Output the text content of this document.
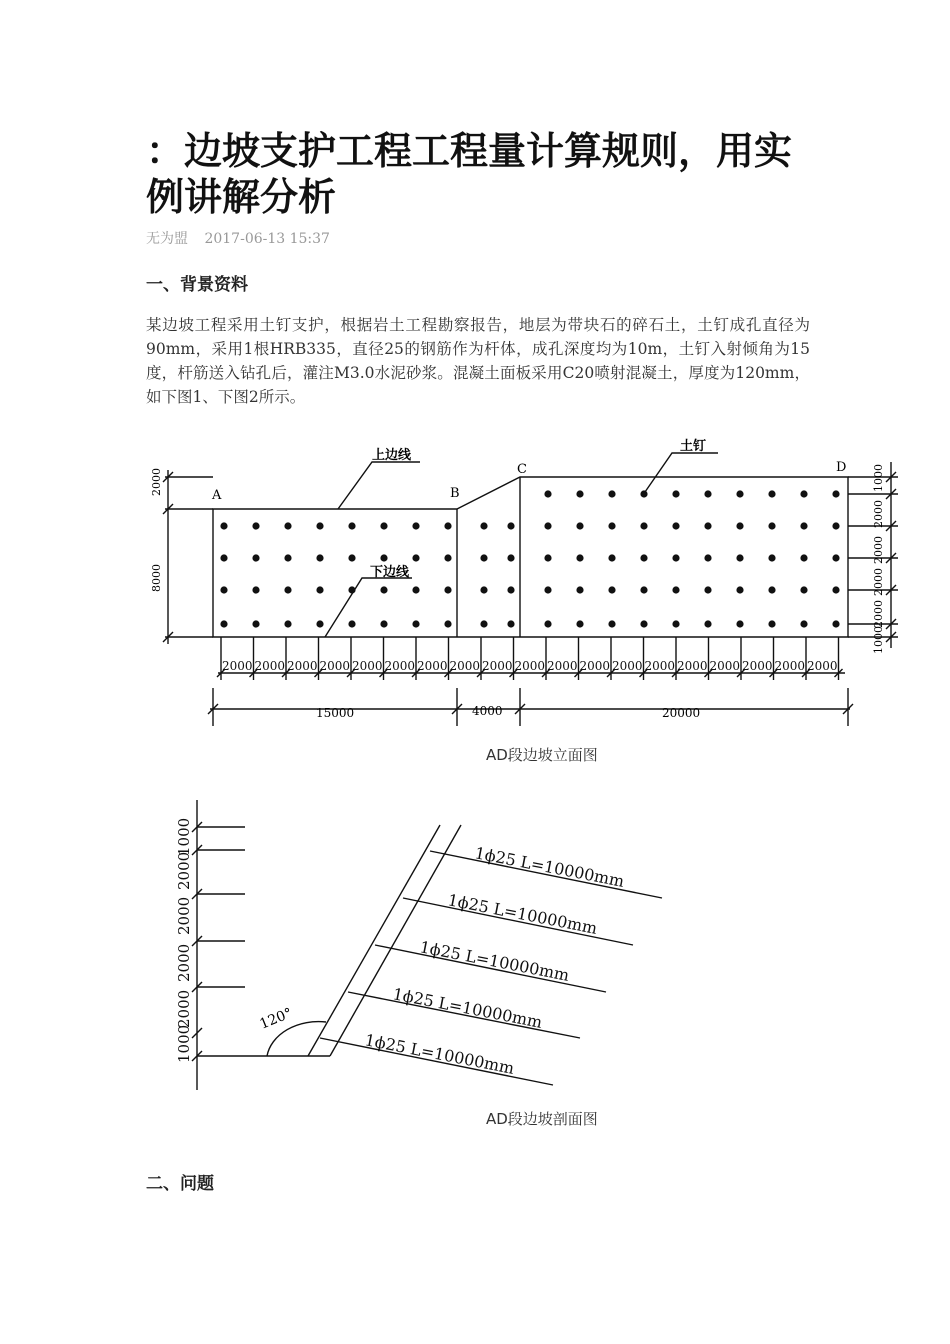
：边坡支护工程工程量计算规则，用实例讲解分析
无为盟 2017-06-13 15:37
一、背景资料

某边坡工程采用土钉支护，根据岩土工程勘察报告，地层为带块石的碎石土，土钉成孔直径为90mm，采用1根HRB335，直径25的钢筋作为杆体，成孔深度均为10m，土钉入射倾角为15度，杆筋送入钻孔后，灌注M3.0水泥砂浆。混凝土面板采用C20喷射混凝土，厚度为120mm，如下图1、下图2所示。

上边线
下边线
土钉
A	B
C	D
2000
8000
1000
2000
2000
2000
2000
1000
2000 2000 2000 2000 2000 2000 2000 2000 2000 2000 2000 2000 2000 2000 2000 2000 2000 2000 2000
15000	4000	20000
AD段边坡立面图
1000
2000
2000
2000
2000
1000
1ϕ25 L=10000mm
1ϕ25 L=10000mm
1ϕ25 L=10000mm
1ϕ25 L=10000mm
1ϕ25 L=10000mm
120°
AD段边坡剖面图
二、问题
